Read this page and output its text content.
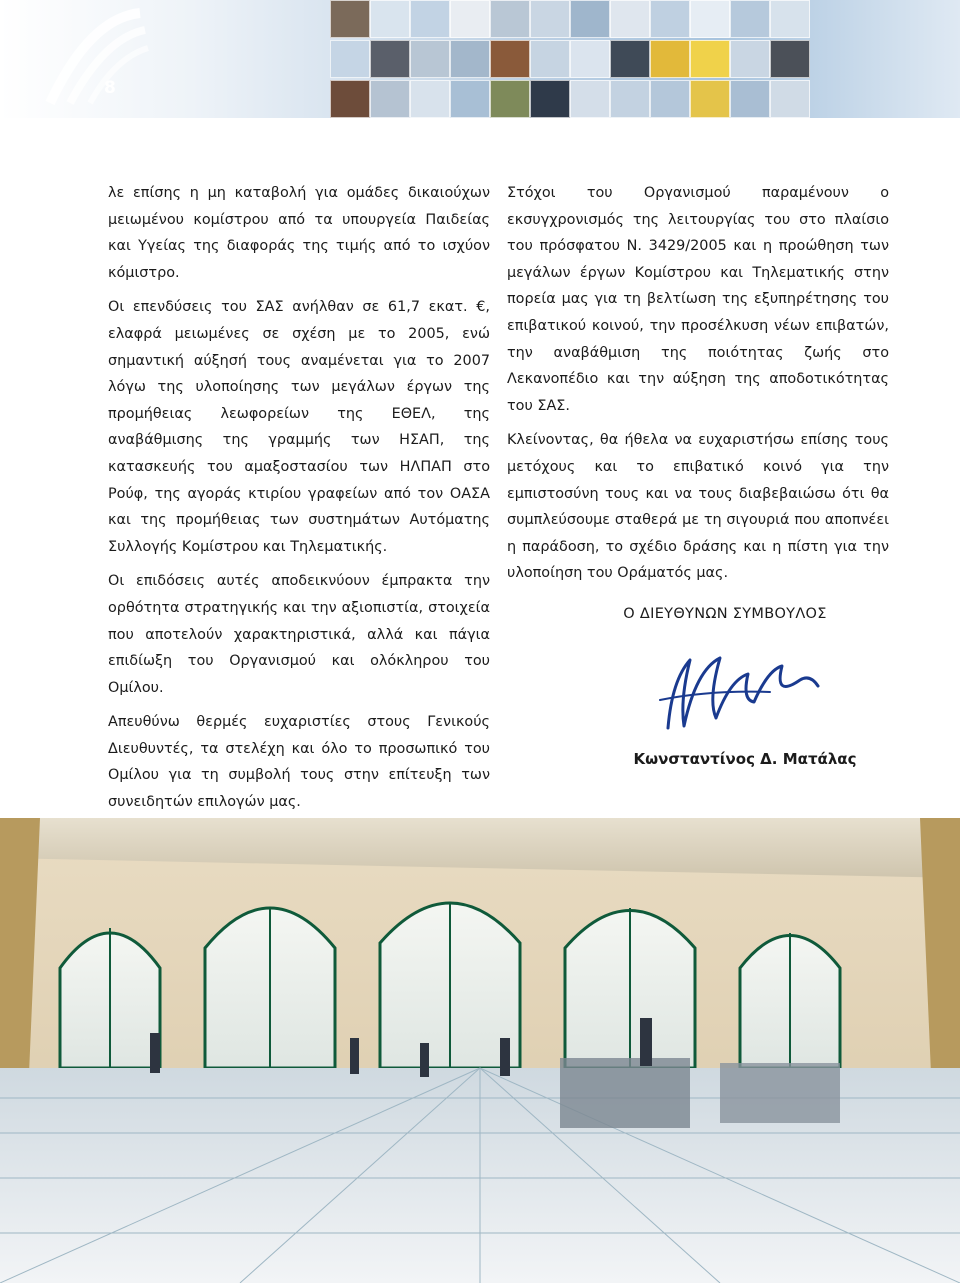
8

λε επίσης η μη καταβολή για ομάδες δικαιούχων μειωμένου κομίστρου από τα υπουργεία Παιδείας και Υγείας της διαφοράς της τιμής από το ισχύον κόμιστρο.

Οι επενδύσεις του ΣΑΣ ανήλθαν σε 61,7 εκατ. €, ελαφρά μειωμένες σε σχέση με το 2005, ενώ σημαντική αύξησή τους αναμένεται για το 2007 λόγω της υλοποίησης των μεγάλων έργων της προμήθειας λεωφορείων της ΕΘΕΛ, της αναβάθμισης της γραμμής των ΗΣΑΠ, της κατασκευής του αμαξοστασίου των ΗΛΠΑΠ στο Ρούφ, της αγοράς κτιρίου γραφείων από τον ΟΑΣΑ και της προμήθειας των συστημάτων Αυτόματης Συλλογής Κομίστρου και Τηλεματικής.

Οι επιδόσεις αυτές αποδεικνύουν έμπρακτα την ορθότητα στρατηγικής και την αξιοπιστία, στοιχεία που αποτελούν χαρακτηριστικά, αλλά και πάγια επιδίωξη του Οργανισμού και ολόκληρου του Ομίλου.

Απευθύνω θερμές ευχαριστίες στους Γενικούς Διευθυντές, τα στελέχη και όλο το προσωπικό του Ομίλου για τη συμβολή τους στην επίτευξη των συνειδητών επιλογών μας.

Στόχοι του Οργανισμού παραμένουν ο εκσυγχρονισμός της λειτουργίας του στο πλαίσιο του πρόσφατου Ν. 3429/2005 και η προώθηση των μεγάλων έργων Κομίστρου και Τηλεματικής στην πορεία μας για τη βελτίωση της εξυπηρέτησης του επιβατικού κοινού, την προσέλκυση νέων επιβατών, την αναβάθμιση της ποιότητας ζωής στο Λεκανοπέδιο και την αύξηση της αποδοτικότητας του ΣΑΣ.

Κλείνοντας, θα ήθελα να ευχαριστήσω επίσης τους μετόχους και το επιβατικό κοινό για την εμπιστοσύνη τους και να τους διαβεβαιώσω ότι θα συμπλεύσουμε σταθερά με τη σιγουριά που αποπνέει η παράδοση, το σχέδιο δράσης και η πίστη για την υλοποίηση του Οράματός μας.

Ο ΔΙΕΥΘΥΝΩΝ ΣΥΜΒΟΥΛΟΣ
Κωνσταντίνος Δ. Ματάλας
